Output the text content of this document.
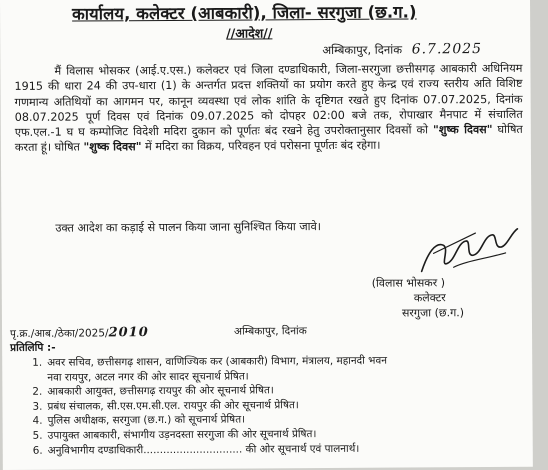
कार्यालय, कलेक्टर (आबकारी), जिला- सरगुजा (छ.ग.)
//आदेश//
अम्बिकापुर, दिनांक 6.7.2025

मैं विलास भोसकर (आई.ए.एस.) कलेक्टर एवं जिला दण्डाधिकारी, जिला-सरगुजा छत्तीसगढ़ आबकारी अधिनियम 1915 की धारा 24 की उप-धारा (1) के अन्तर्गत प्रदत्त शक्तियों का प्रयोग करते हुए केन्द्र एवं राज्य स्तरीय अति विशिष्ट गणमान्य अतिथियों का आगमन पर, कानून व्यवस्था एवं लोक शांति के दृष्टिगत रखते हुए दिनांक 07.07.2025, दिनांक 08.07.2025 पूर्ण दिवस एवं दिनांक 09.07.2025 को दोपहर 02:00 बजे तक, रोपाखार मैनपाट में संचालित एफ.एल.-1 घ घ कम्पोजिट विदेशी मदिरा दुकान को पूर्णतः बंद रखने हेतु उपरोक्तानुसार दिवसों को "शुष्क दिवस" घोषित करता हूं। घोषित "शुष्क दिवस" में मदिरा का विक्रय, परिवहन एवं परोसना पूर्णतः बंद रहेगा।

उक्त आदेश का कड़ाई से पालन किया जाना सुनिश्चित किया जावे।

(विलास भोसकर )
कलेक्टर
सरगुजा (छ.ग.)
पृ.क्र./आब./ठेका/2025/2010	अम्बिकापुर, दिनांक
प्रतिलिपि :-
1. अवर सचिव, छत्तीसगढ़ शासन, वाणिज्यिक कर (आबकारी) विभाग, मंत्रालय, महानदी भवन
नवा रायपुर, अटल नगर की ओर सादर सूचनार्थ प्रेषित।
2. आबकारी आयुक्त, छत्तीसगढ़ रायपुर की ओर सूचनार्थ प्रेषित।
3. प्रबंध संचालक, सी.एस.एम.सी.एल. रायपुर की ओर सूचनार्थ प्रेषित।
4. पुलिस अधीक्षक, सरगुजा (छ.ग.) को सूचनार्थ प्रेषित।
5. उपायुक्त आबकारी, संभागीय उड़नदस्ता सरगुजा की ओर सूचनार्थ प्रेषित।
6. अनुविभागीय दण्डाधिकारी.............................. की ओर सूचनार्थ एवं पालनार्थ।
